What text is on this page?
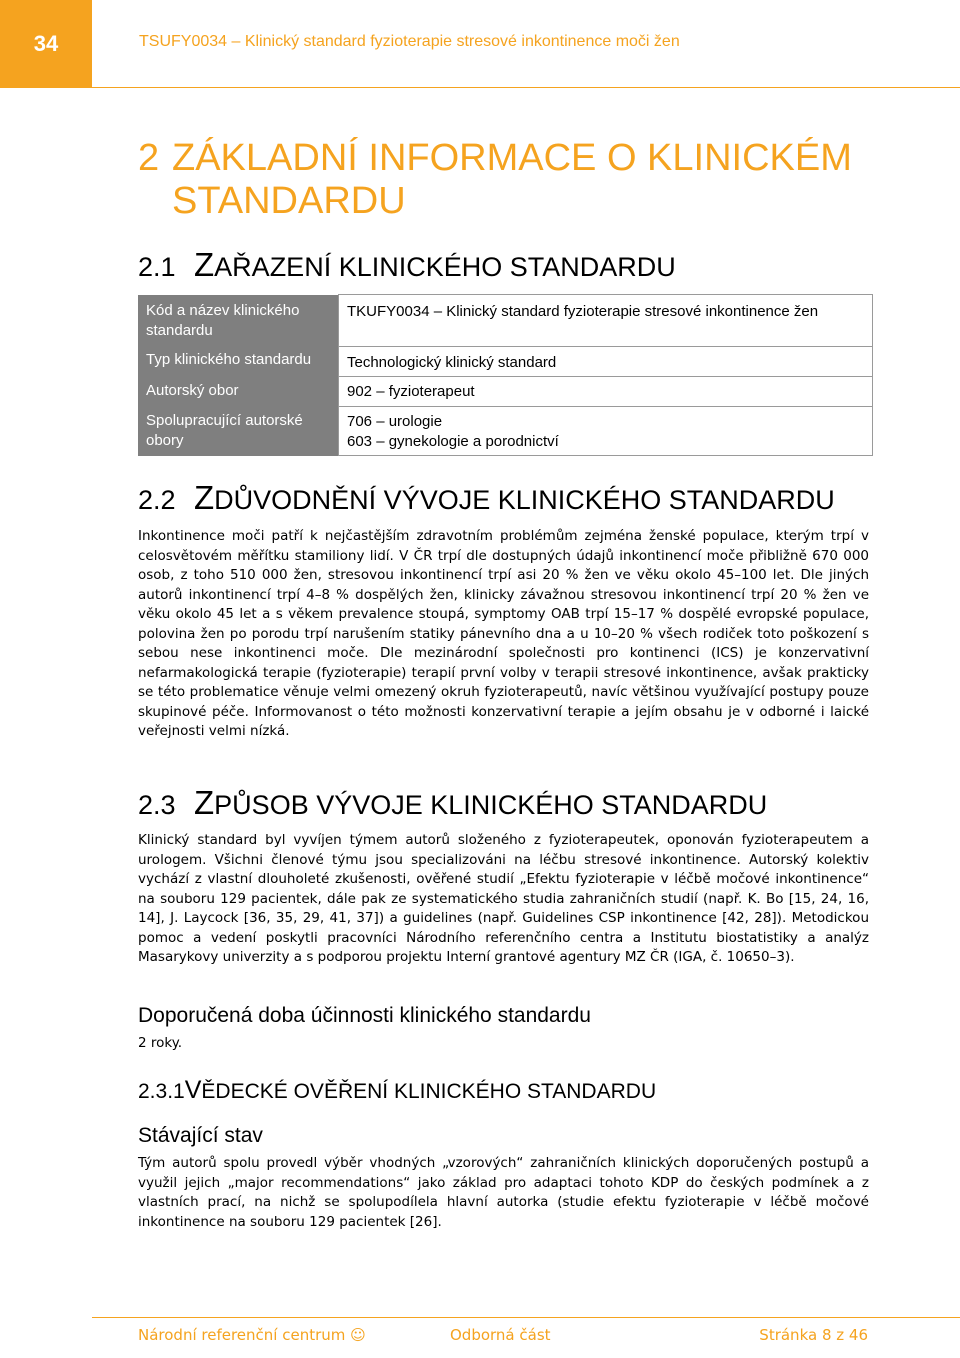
34	TSUFY0034 – Klinický standard fyzioterapie stresové inkontinence moči žen
2 ZÁKLADNÍ INFORMACE O KLINICKÉM
STANDARDU
2.1 ZAŘAZENÍ KLINICKÉHO STANDARDU
Kód a název klinického standardu	TKUFY0034 – Klinický standard fyzioterapie stresové inkontinence žen
Typ klinického standardu	Technologický klinický standard
Autorský obor	902 – fyzioterapeut
Spolupracující autorské obory	706 – urologie
603 – gynekologie a porodnictví
2.2 ZDŮVODNĚNÍ VÝVOJE KLINICKÉHO STANDARDU
Inkontinence moči patří k nejčastějším zdravotním problémům zejména ženské populace, kterým trpí v celosvětovém měřítku stamiliony lidí. V ČR trpí dle dostupných údajů inkontinencí moče přibližně 670 000 osob, z toho 510 000 žen, stresovou inkontinencí trpí asi 20 % žen ve věku okolo 45–100 let. Dle jiných autorů inkontinencí trpí 4–8 % dospělých žen, klinicky závažnou stresovou inkontinencí trpí 20 % žen ve věku okolo 45 let a s věkem prevalence stoupá, symptomy OAB trpí 15–17 % dospělé evropské populace, polovina žen po porodu trpí narušením statiky pánevního dna a u 10–20 % všech rodiček toto poškození s sebou nese inkontinenci moče. Dle mezinárodní společnosti pro kontinenci (ICS) je konzervativní nefarmakologická terapie (fyzioterapie) terapií první volby v terapii stresové inkontinence, avšak prakticky se této problematice věnuje velmi omezený okruh fyzioterapeutů, navíc většinou využívající postupy pouze skupinové péče. Informovanost o této možnosti konzervativní terapie a jejím obsahu je v odborné i laické veřejnosti velmi nízká.
2.3 ZPŮSOB VÝVOJE KLINICKÉHO STANDARDU
Klinický standard byl vyvíjen týmem autorů složeného z fyzioterapeutek, oponován fyzioterapeutem a urologem. Všichni členové týmu jsou specializováni na léčbu stresové inkontinence. Autorský kolektiv vychází z vlastní dlouholeté zkušenosti, ověřené studií „Efektu fyzioterapie v léčbě močové inkontinence“ na souboru 129 pacientek, dále pak ze systematického studia zahraničních studií (např. K. Bo [15, 24, 16, 14], J. Laycock [36, 35, 29, 41, 37]) a guidelines (např. Guidelines CSP inkontinence [42, 28]). Metodickou pomoc a vedení poskytli pracovníci Národního referenčního centra a Institutu biostatistiky a analýz Masarykovy univerzity a s podporou projektu Interní grantové agentury MZ ČR (IGA, č. 10650–3).
Doporučená doba účinnosti klinického standardu
2 roky.
2.3.1VĚDECKÉ OVĚŘENÍ KLINICKÉHO STANDARDU
Stávající stav
Tým autorů spolu provedl výběr vhodných „vzorových“ zahraničních klinických doporučených postupů a využil jejich „major recommendations“ jako základ pro adaptaci tohoto KDP do českých podmínek a z vlastních prací, na nichž se spolupodílela hlavní autorka (studie efektu fyzioterapie v léčbě močové inkontinence na souboru 129 pacientek [26].
Národní referenční centrum ☺	Odborná část	Stránka 8 z 46
